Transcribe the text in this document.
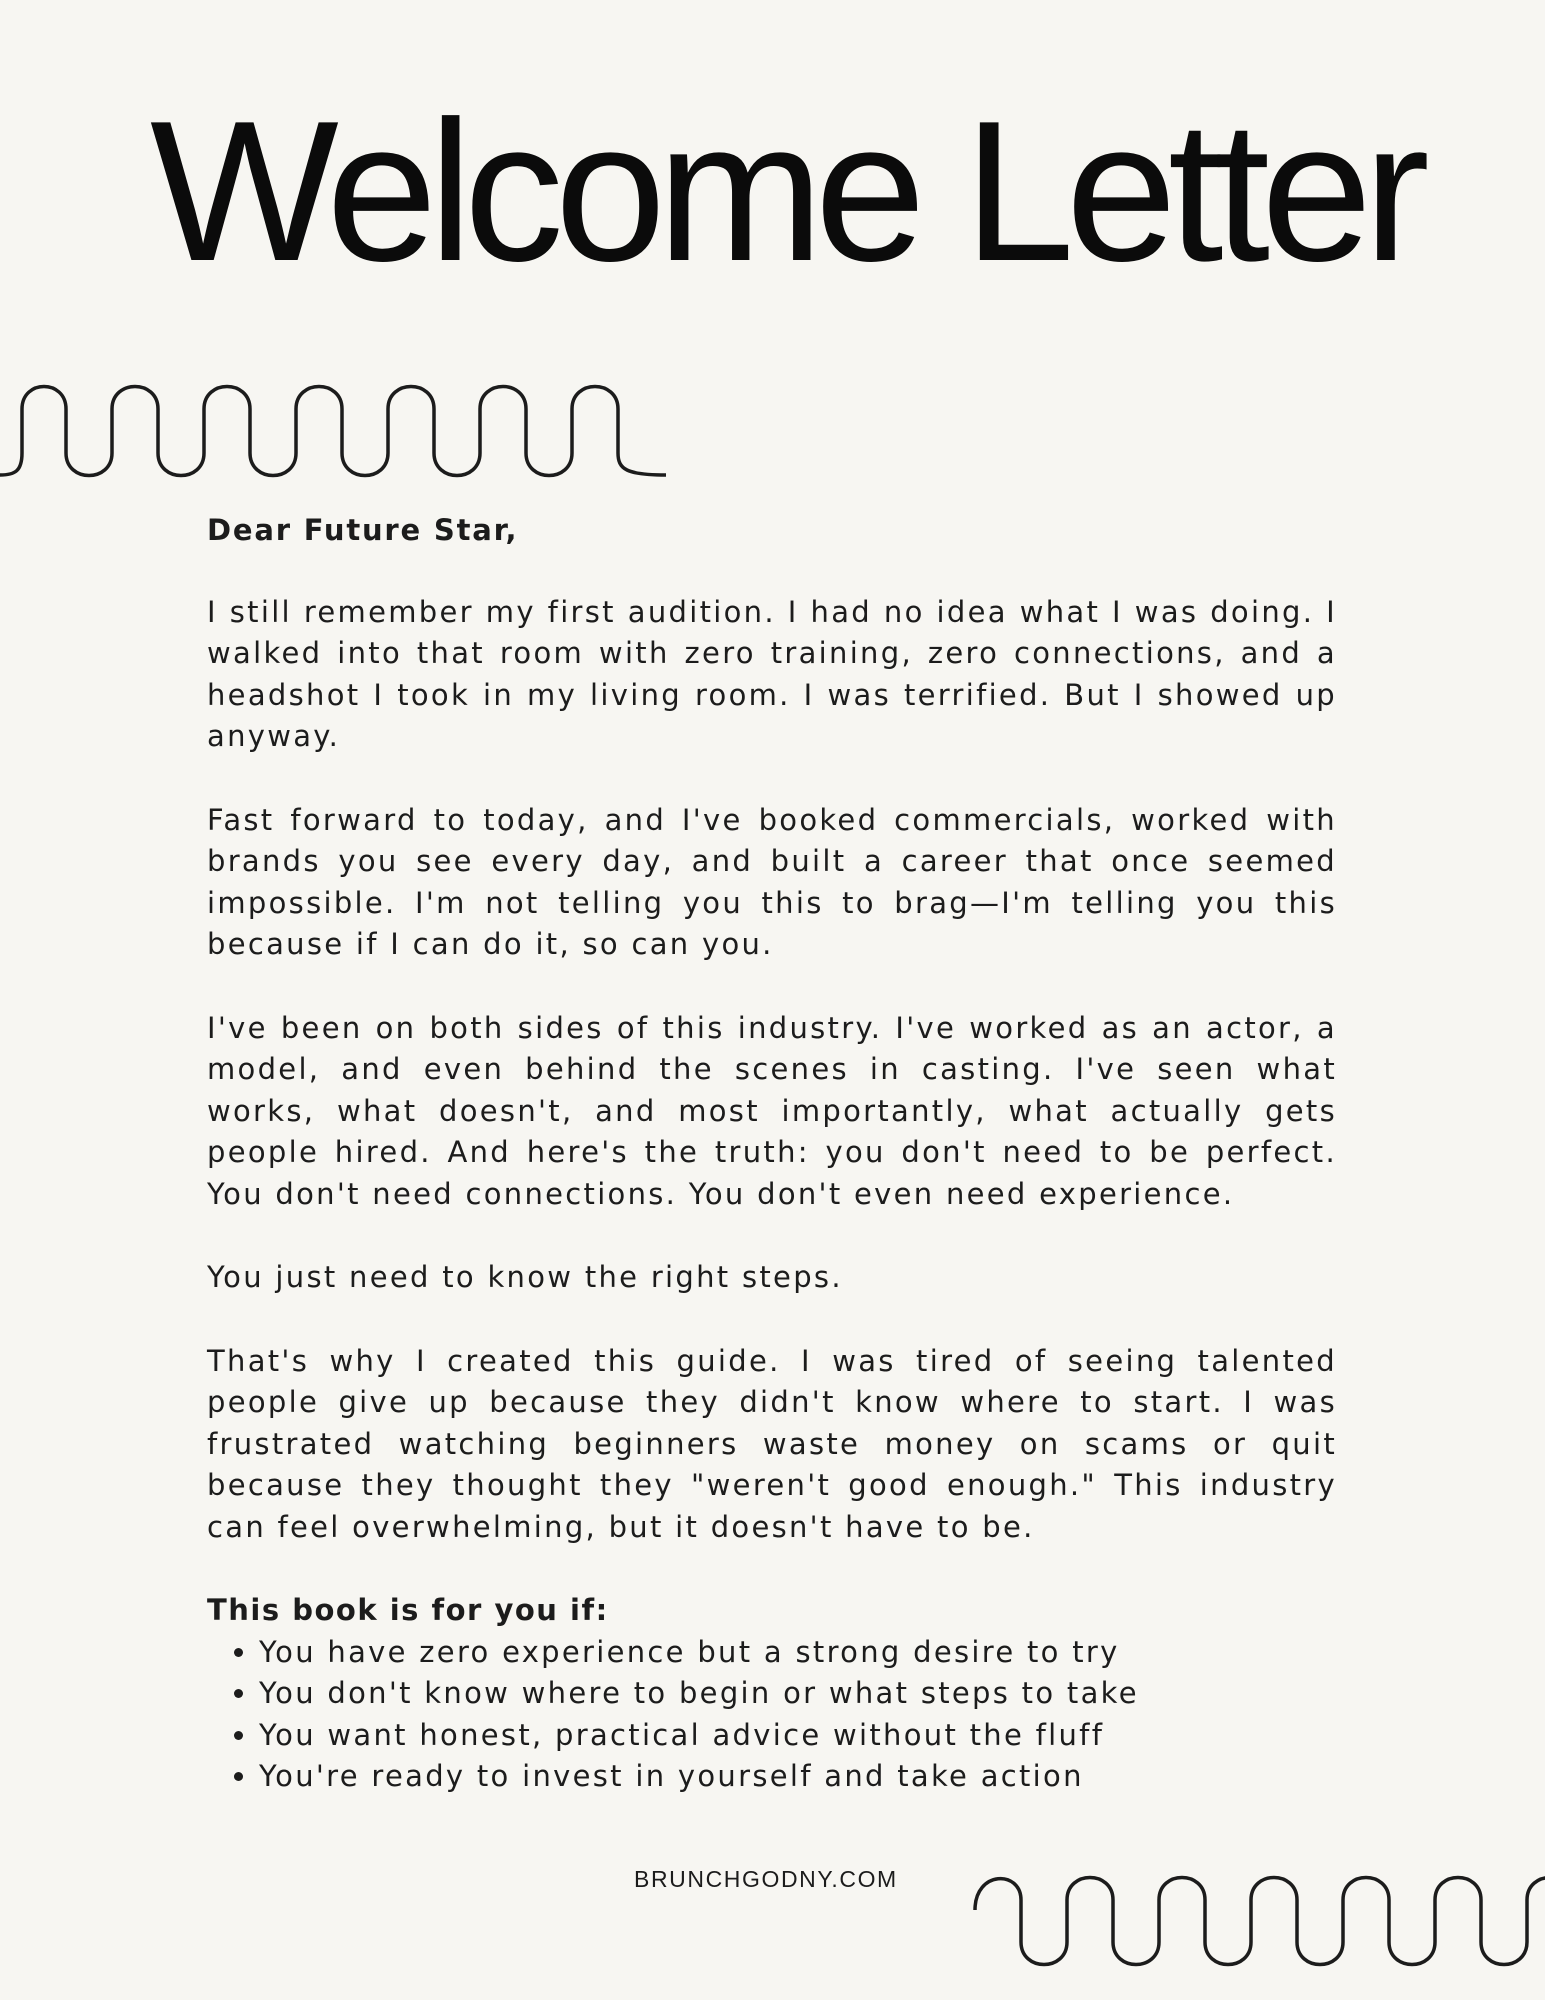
Welcome Letter

Dear Future Star,

I still remember my first audition. I had no idea what I was doing. I walked into that room with zero training, zero connections, and a headshot I took in my living room. I was terrified. But I showed up anyway.

Fast forward to today, and I've booked commercials, worked with brands you see every day, and built a career that once seemed impossible. I'm not telling you this to brag—I'm telling you this because if I can do it, so can you.

I've been on both sides of this industry. I've worked as an actor, a model, and even behind the scenes in casting. I've seen what works, what doesn't, and most importantly, what actually gets people hired. And here's the truth: you don't need to be perfect. You don't need connections. You don't even need experience.

You just need to know the right steps.

That's why I created this guide. I was tired of seeing talented people give up because they didn't know where to start. I was frustrated watching beginners waste money on scams or quit because they thought they "weren't good enough." This industry can feel overwhelming, but it doesn't have to be.

This book is for you if:

• You have zero experience but a strong desire to try
• You don't know where to begin or what steps to take
• You want honest, practical advice without the fluff
• You're ready to invest in yourself and take action
BRUNCHGODNY.COM
